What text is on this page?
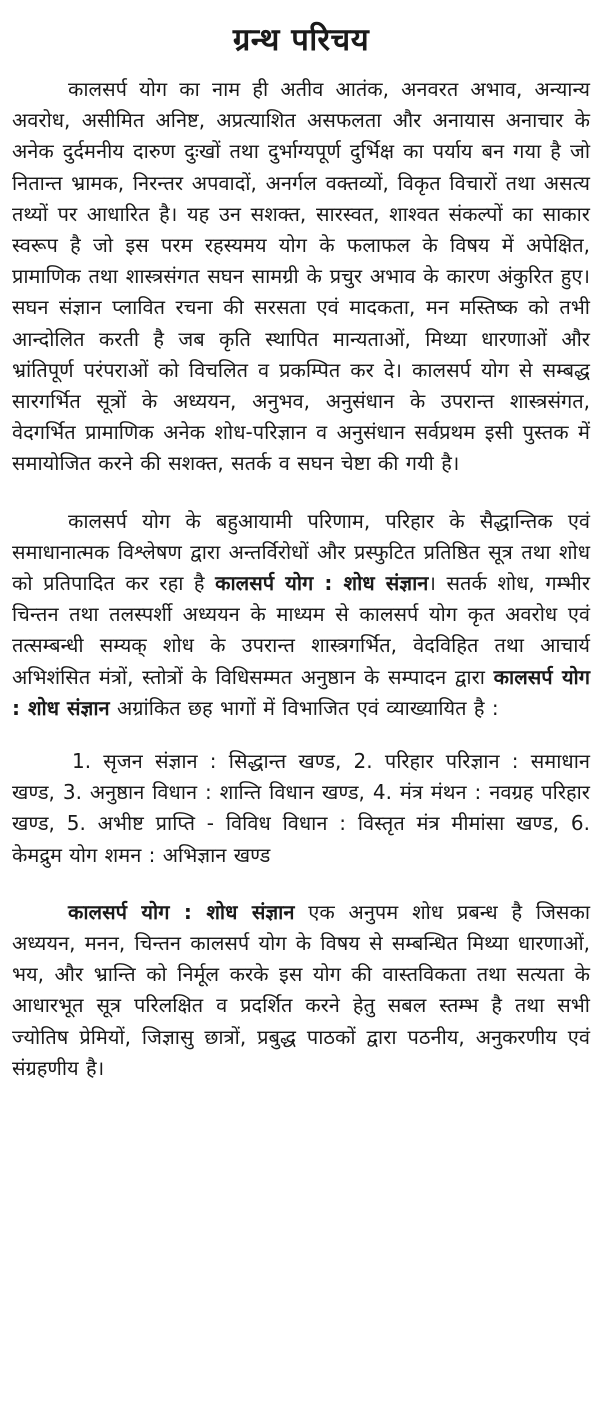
ग्रन्थ परिचय

कालसर्प योग का नाम ही अतीव आतंक, अनवरत अभाव, अन्यान्य अवरोध, असीमित अनिष्ट, अप्रत्याशित असफलता और अनायास अनाचार के अनेक दुर्दमनीय दारुण दुःखों तथा दुर्भाग्यपूर्ण दुर्भिक्ष का पर्याय बन गया है जो नितान्त भ्रामक, निरन्तर अपवादों, अनर्गल वक्तव्यों, विकृत विचारों तथा असत्य तथ्यों पर आधारित है। यह उन सशक्त, सारस्वत, शाश्वत संकल्पों का साकार स्वरूप है जो इस परम रहस्यमय योग के फलाफल के विषय में अपेक्षित, प्रामाणिक तथा शास्त्रसंगत सघन सामग्री के प्रचुर अभाव के कारण अंकुरित हुए। सघन संज्ञान प्लावित रचना की सरसता एवं मादकता, मन मस्तिष्क को तभी आन्दोलित करती है जब कृति स्थापित मान्यताओं, मिथ्या धारणाओं और भ्रांतिपूर्ण परंपराओं को विचलित व प्रकम्पित कर दे। कालसर्प योग से सम्बद्ध सारगर्भित सूत्रों के अध्ययन, अनुभव, अनुसंधान के उपरान्त शास्त्रसंगत, वेदगर्भित प्रामाणिक अनेक शोध-परिज्ञान व अनुसंधान सर्वप्रथम इसी पुस्तक में समायोजित करने की सशक्त, सतर्क व सघन चेष्टा की गयी है।

कालसर्प योग के बहुआयामी परिणाम, परिहार के सैद्धान्तिक एवं समाधानात्मक विश्लेषण द्वारा अन्तर्विरोधों और प्रस्फुटित प्रतिष्ठित सूत्र तथा शोध को प्रतिपादित कर रहा है कालसर्प योग : शोध संज्ञान। सतर्क शोध, गम्भीर चिन्तन तथा तलस्पर्शी अध्ययन के माध्यम से कालसर्प योग कृत अवरोध एवं तत्सम्बन्धी सम्यक् शोध के उपरान्त शास्त्रगर्भित, वेदविहित तथा आचार्य अभिशंसित मंत्रों, स्तोत्रों के विधिसम्मत अनुष्ठान के सम्पादन द्वारा कालसर्प योग : शोध संज्ञान अग्रांकित छह भागों में विभाजित एवं व्याख्यायित है :

1. सृजन संज्ञान : सिद्धान्त खण्ड, 2. परिहार परिज्ञान : समाधान खण्ड, 3. अनुष्ठान विधान : शान्ति विधान खण्ड, 4. मंत्र मंथन : नवग्रह परिहार खण्ड, 5. अभीष्ट प्राप्ति - विविध विधान : विस्तृत मंत्र मीमांसा खण्ड, 6. केमद्रुम योग शमन : अभिज्ञान खण्ड

कालसर्प योग : शोध संज्ञान एक अनुपम शोध प्रबन्ध है जिसका अध्ययन, मनन, चिन्तन कालसर्प योग के विषय से सम्बन्धित मिथ्या धारणाओं, भय, और भ्रान्ति को निर्मूल करके इस योग की वास्तविकता तथा सत्यता के आधारभूत सूत्र परिलक्षित व प्रदर्शित करने हेतु सबल स्तम्भ है तथा सभी ज्योतिष प्रेमियों, जिज्ञासु छात्रों, प्रबुद्ध पाठकों द्वारा पठनीय, अनुकरणीय एवं संग्रहणीय है।
